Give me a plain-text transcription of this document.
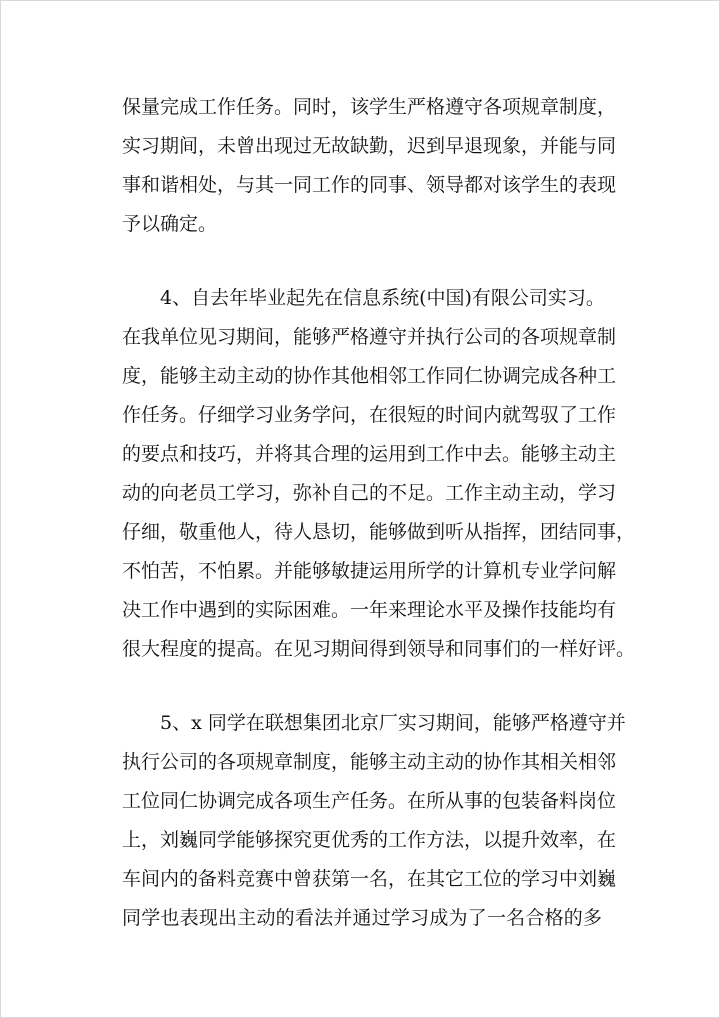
保量完成工作任务。同时，该学生严格遵守各项规章制度，
实习期间，未曾出现过无故缺勤，迟到早退现象，并能与同
事和谐相处，与其一同工作的同事、领导都对该学生的表现
予以确定。
4、自去年毕业起先在信息系统(中国)有限公司实习。
在我单位见习期间，能够严格遵守并执行公司的各项规章制
度，能够主动主动的协作其他相邻工作同仁协调完成各种工
作任务。仔细学习业务学问，在很短的时间内就驾驭了工作
的要点和技巧，并将其合理的运用到工作中去。能够主动主
动的向老员工学习，弥补自己的不足。工作主动主动，学习
仔细，敬重他人，待人恳切，能够做到听从指挥，团结同事，
不怕苦，不怕累。并能够敏捷运用所学的计算机专业学问解
决工作中遇到的实际困难。一年来理论水平及操作技能均有
很大程度的提高。在见习期间得到领导和同事们的一样好评。
5、x 同学在联想集团北京厂实习期间，能够严格遵守并
执行公司的各项规章制度，能够主动主动的协作其相关相邻
工位同仁协调完成各项生产任务。在所从事的包装备料岗位
上，刘巍同学能够探究更优秀的工作方法，以提升效率，在
车间内的备料竞赛中曾获第一名，在其它工位的学习中刘巍
同学也表现出主动的看法并通过学习成为了一名合格的多
